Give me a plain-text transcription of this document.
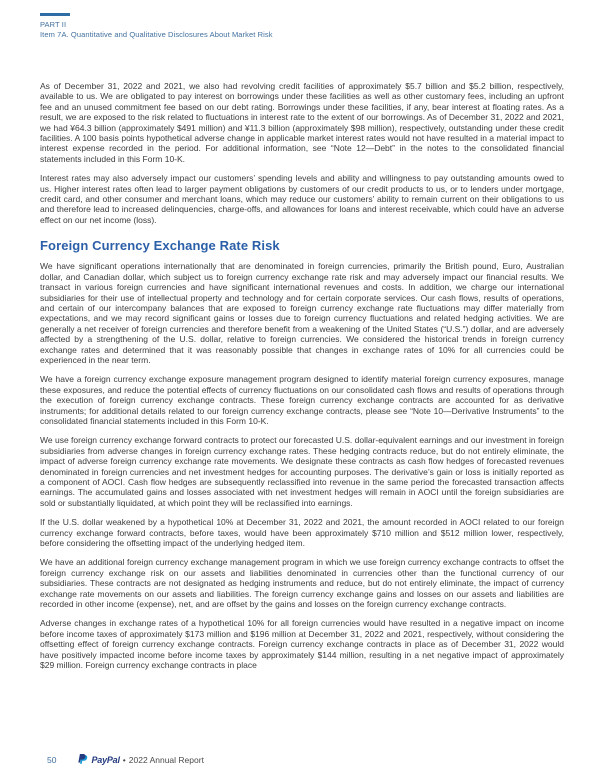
PART II
Item 7A. Quantitative and Qualitative Disclosures About Market Risk

As of December 31, 2022 and 2021, we also had revolving credit facilities of approximately $5.7 billion and $5.2 billion, respectively, available to us. We are obligated to pay interest on borrowings under these facilities as well as other customary fees, including an upfront fee and an unused commitment fee based on our debt rating. Borrowings under these facilities, if any, bear interest at floating rates. As a result, we are exposed to the risk related to fluctuations in interest rate to the extent of our borrowings. As of December 31, 2022 and 2021, we had ¥64.3 billion (approximately $491 million) and ¥11.3 billion (approximately $98 million), respectively, outstanding under these credit facilities. A 100 basis points hypothetical adverse change in applicable market interest rates would not have resulted in a material impact to interest expense recorded in the period. For additional information, see “Note 12—Debt” in the notes to the consolidated financial statements included in this Form 10-K.

Interest rates may also adversely impact our customers’ spending levels and ability and willingness to pay outstanding amounts owed to us. Higher interest rates often lead to larger payment obligations by customers of our credit products to us, or to lenders under mortgage, credit card, and other consumer and merchant loans, which may reduce our customers’ ability to remain current on their obligations to us and therefore lead to increased delinquencies, charge-offs, and allowances for loans and interest receivable, which could have an adverse effect on our net income (loss).

Foreign Currency Exchange Rate Risk

We have significant operations internationally that are denominated in foreign currencies, primarily the British pound, Euro, Australian dollar, and Canadian dollar, which subject us to foreign currency exchange rate risk and may adversely impact our financial results. We transact in various foreign currencies and have significant international revenues and costs. In addition, we charge our international subsidiaries for their use of intellectual property and technology and for certain corporate services. Our cash flows, results of operations, and certain of our intercompany balances that are exposed to foreign currency exchange rate fluctuations may differ materially from expectations, and we may record significant gains or losses due to foreign currency fluctuations and related hedging activities. We are generally a net receiver of foreign currencies and therefore benefit from a weakening of the United States (“U.S.”) dollar, and are adversely affected by a strengthening of the U.S. dollar, relative to foreign currencies. We considered the historical trends in foreign currency exchange rates and determined that it was reasonably possible that changes in exchange rates of 10% for all currencies could be experienced in the near term.

We have a foreign currency exchange exposure management program designed to identify material foreign currency exposures, manage these exposures, and reduce the potential effects of currency fluctuations on our consolidated cash flows and results of operations through the execution of foreign currency exchange contracts. These foreign currency exchange contracts are accounted for as derivative instruments; for additional details related to our foreign currency exchange contracts, please see “Note 10—Derivative Instruments” to the consolidated financial statements included in this Form 10-K.

We use foreign currency exchange forward contracts to protect our forecasted U.S. dollar-equivalent earnings and our investment in foreign subsidiaries from adverse changes in foreign currency exchange rates. These hedging contracts reduce, but do not entirely eliminate, the impact of adverse foreign currency exchange rate movements. We designate these contracts as cash flow hedges of forecasted revenues denominated in foreign currencies and net investment hedges for accounting purposes. The derivative’s gain or loss is initially reported as a component of AOCI. Cash flow hedges are subsequently reclassified into revenue in the same period the forecasted transaction affects earnings. The accumulated gains and losses associated with net investment hedges will remain in AOCI until the foreign subsidiaries are sold or substantially liquidated, at which point they will be reclassified into earnings.

If the U.S. dollar weakened by a hypothetical 10% at December 31, 2022 and 2021, the amount recorded in AOCI related to our foreign currency exchange forward contracts, before taxes, would have been approximately $710 million and $512 million lower, respectively, before considering the offsetting impact of the underlying hedged item.

We have an additional foreign currency exchange management program in which we use foreign currency exchange contracts to offset the foreign currency exchange risk on our assets and liabilities denominated in currencies other than the functional currency of our subsidiaries. These contracts are not designated as hedging instruments and reduce, but do not entirely eliminate, the impact of currency exchange rate movements on our assets and liabilities. The foreign currency exchange gains and losses on our assets and liabilities are recorded in other income (expense), net, and are offset by the gains and losses on the foreign currency exchange contracts.

Adverse changes in exchange rates of a hypothetical 10% for all foreign currencies would have resulted in a negative impact on income before income taxes of approximately $173 million and $196 million at December 31, 2022 and 2021, respectively, without considering the offsetting effect of foreign currency exchange contracts. Foreign currency exchange contracts in place as of December 31, 2022 would have positively impacted income before income taxes by approximately $144 million, resulting in a net negative impact of approximately $29 million. Foreign currency exchange contracts in place

50	PayPal • 2022 Annual Report
